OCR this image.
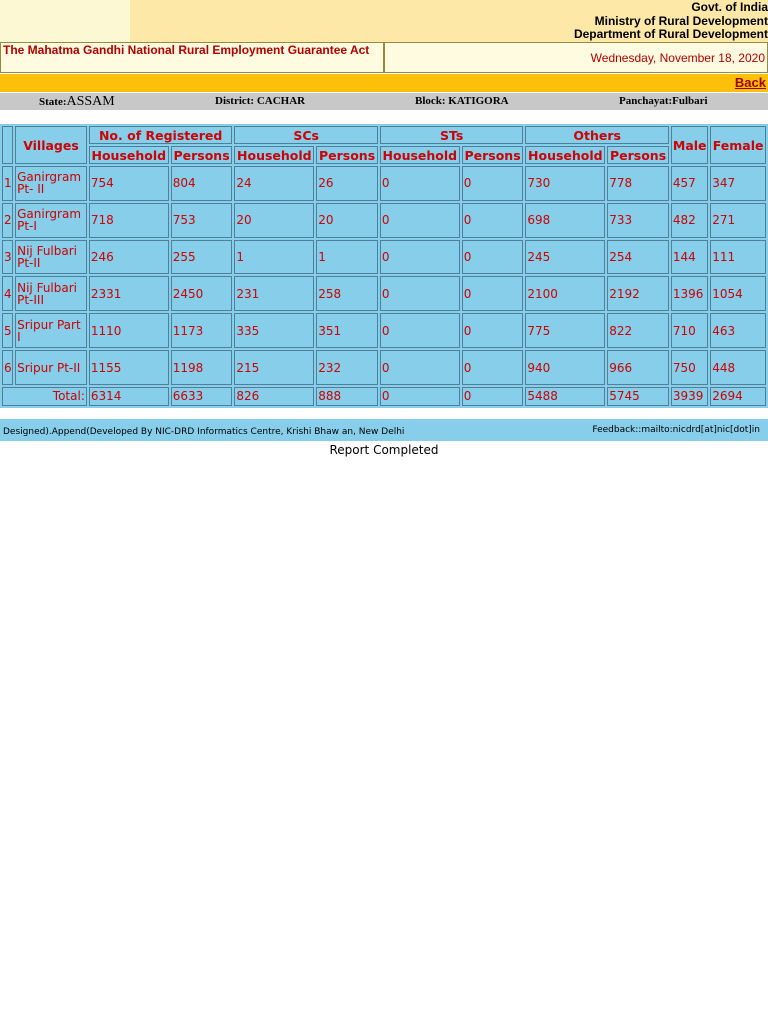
Govt. of India
Ministry of Rural Development
Department of Rural Development
The Mahatma Gandhi National Rural Employment Guarantee Act
Wednesday, November 18, 2020
Back
State:ASSAM	District: CACHAR	Block: KATIGORA	Panchayat:Fulbari
	Villages	No. of Registered		SCs		STs		Others		Male	Female
		Household	Persons	Household	Persons	Household	Persons	Household	Persons		
1	Ganirgram Pt- II	754	804	24	26	0	0	730	778	457	347
2	Ganirgram Pt-I	718	753	20	20	0	0	698	733	482	271
3	Nij Fulbari Pt-II	246	255	1	1	0	0	245	254	144	111
4	Nij Fulbari Pt-III	2331	2450	231	258	0	0	2100	2192	1396	1054
5	Sripur Part I	1110	1173	335	351	0	0	775	822	710	463
6	Sripur Pt-II	1155	1198	215	232	0	0	940	966	750	448
Total:		6314	6633	826	888	0	0	5488	5745	3939	2694
Designed).Append(Developed By NIC-DRD Informatics Centre, Krishi Bhaw an, New Delhi	Feedback::mailto:nicdrd[at]nic[dot]in
Report Completed
